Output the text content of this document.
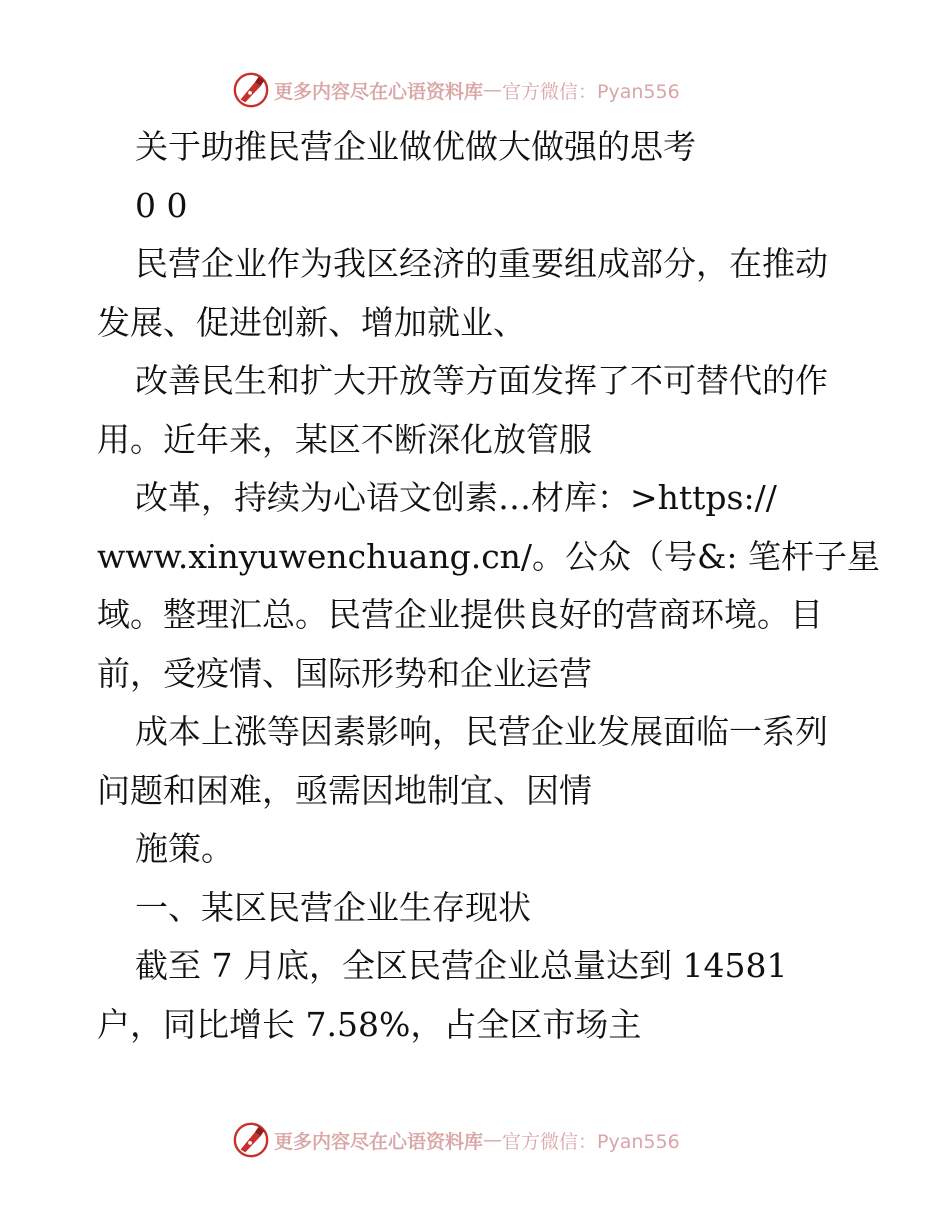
更多内容尽在心语资料库 — 官方微信：Pyan556
关于助推民营企业做优做大做强的思考
0 0
民营企业作为我区经济的重要组成部分，在推动
发展、促进创新、增加就业、
改善民生和扩大开放等方面发挥了不可替代的作
用。近年来，某区不断深化放管服
改革，持续为心语文创素…材库：>https://
www.xinyuwenchuang.cn/。公众（号&: 笔杆子星
域。整理汇总。民营企业提供良好的营商环境。目
前，受疫情、国际形势和企业运营
成本上涨等因素影响，民营企业发展面临一系列
问题和困难，亟需因地制宜、因情
施策。
一、某区民营企业生存现状
截至 7 月底，全区民营企业总量达到 14581
户，同比增长 7.58%，占全区市场主
更多内容尽在心语资料库 — 官方微信：Pyan556
